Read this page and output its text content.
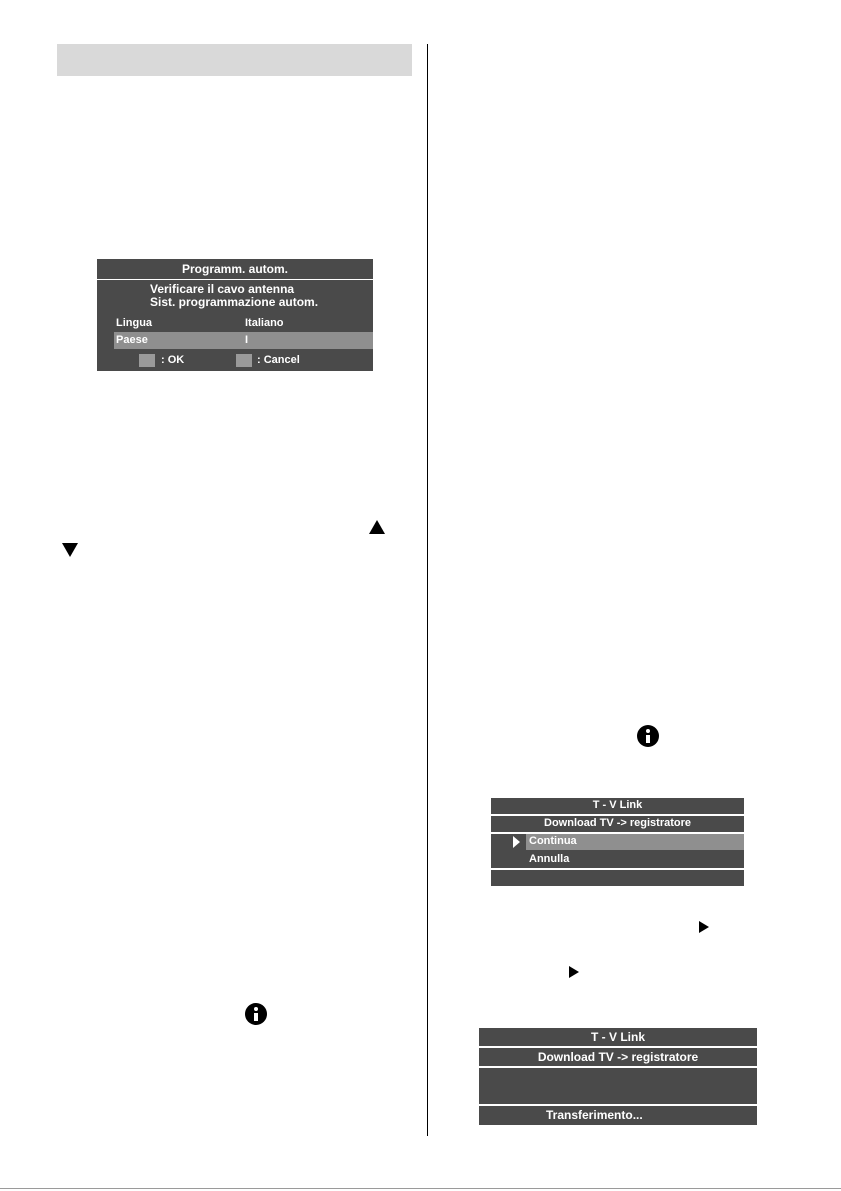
Programm. autom.
Verificare il cavo antenna
Sist. programmazione autom.
Lingua	Italiano
Paese	I
: OK	: Cancel
T - V Link
Download TV -> registratore
Continua
Annulla
T - V Link
Download TV -> registratore
Transferimento...
